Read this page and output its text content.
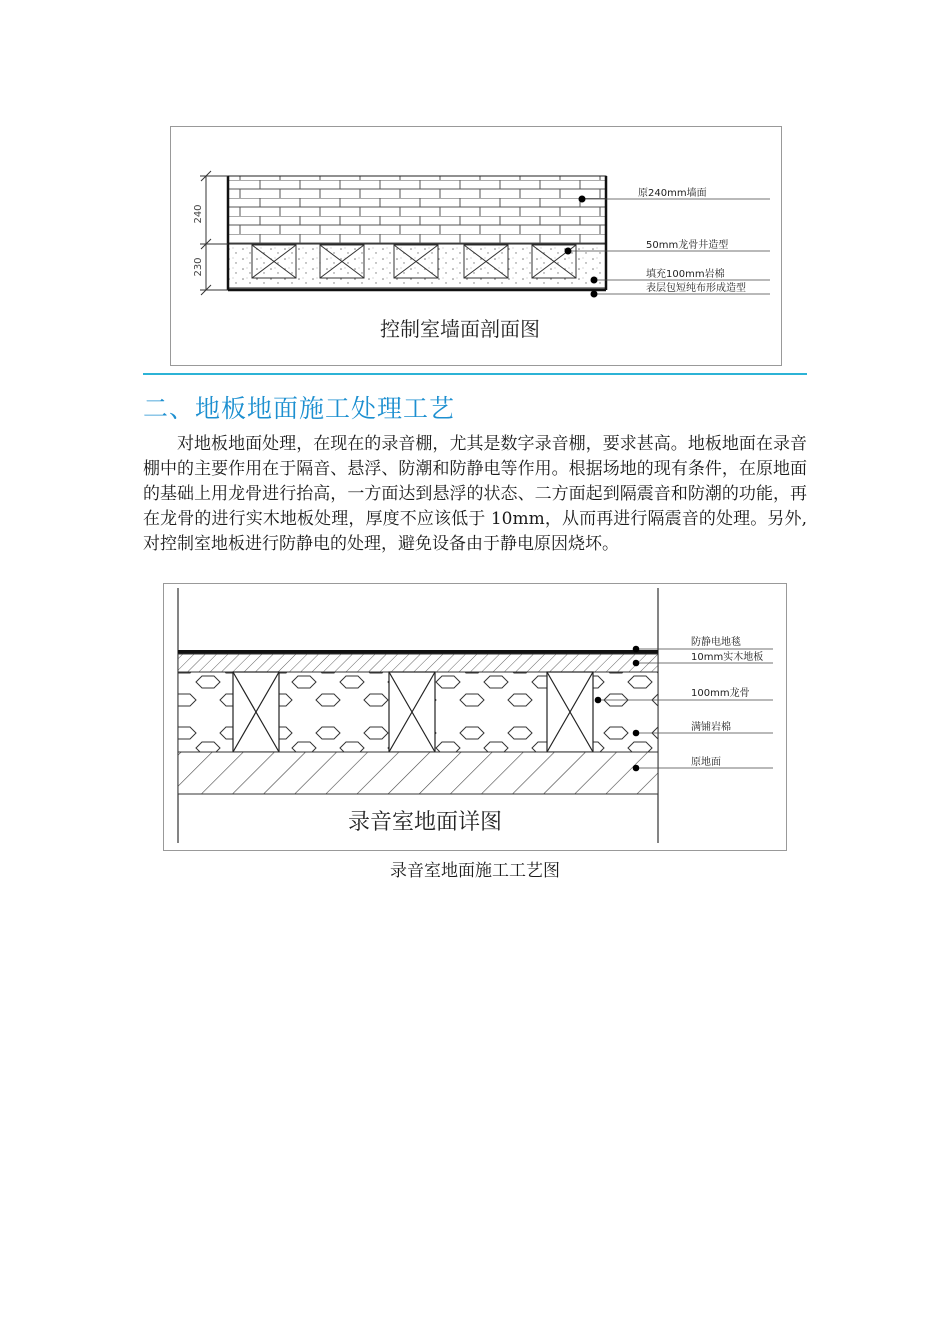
240
230
原240mm墙面
50mm龙骨井造型
填充100mm岩棉
表层包短纯布形成造型
控制室墙面剖面图
二、地板地面施工处理工艺

对地板地面处理，在现在的录音棚，尤其是数字录音棚，要求甚高。地板地面在录音棚中的主要作用在于隔音、悬浮、防潮和防静电等作用。根据场地的现有条件，在原地面的基础上用龙骨进行抬高，一方面达到悬浮的状态、二方面起到隔震音和防潮的功能，再在龙骨的进行实木地板处理，厚度不应该低于 10mm，从而再进行隔震音的处理。另外,对控制室地板进行防静电的处理，避免设备由于静电原因烧坏。

防静电地毯
10mm实木地板
100mm龙骨
满铺岩棉
原地面
录音室地面详图
录音室地面施工工艺图
